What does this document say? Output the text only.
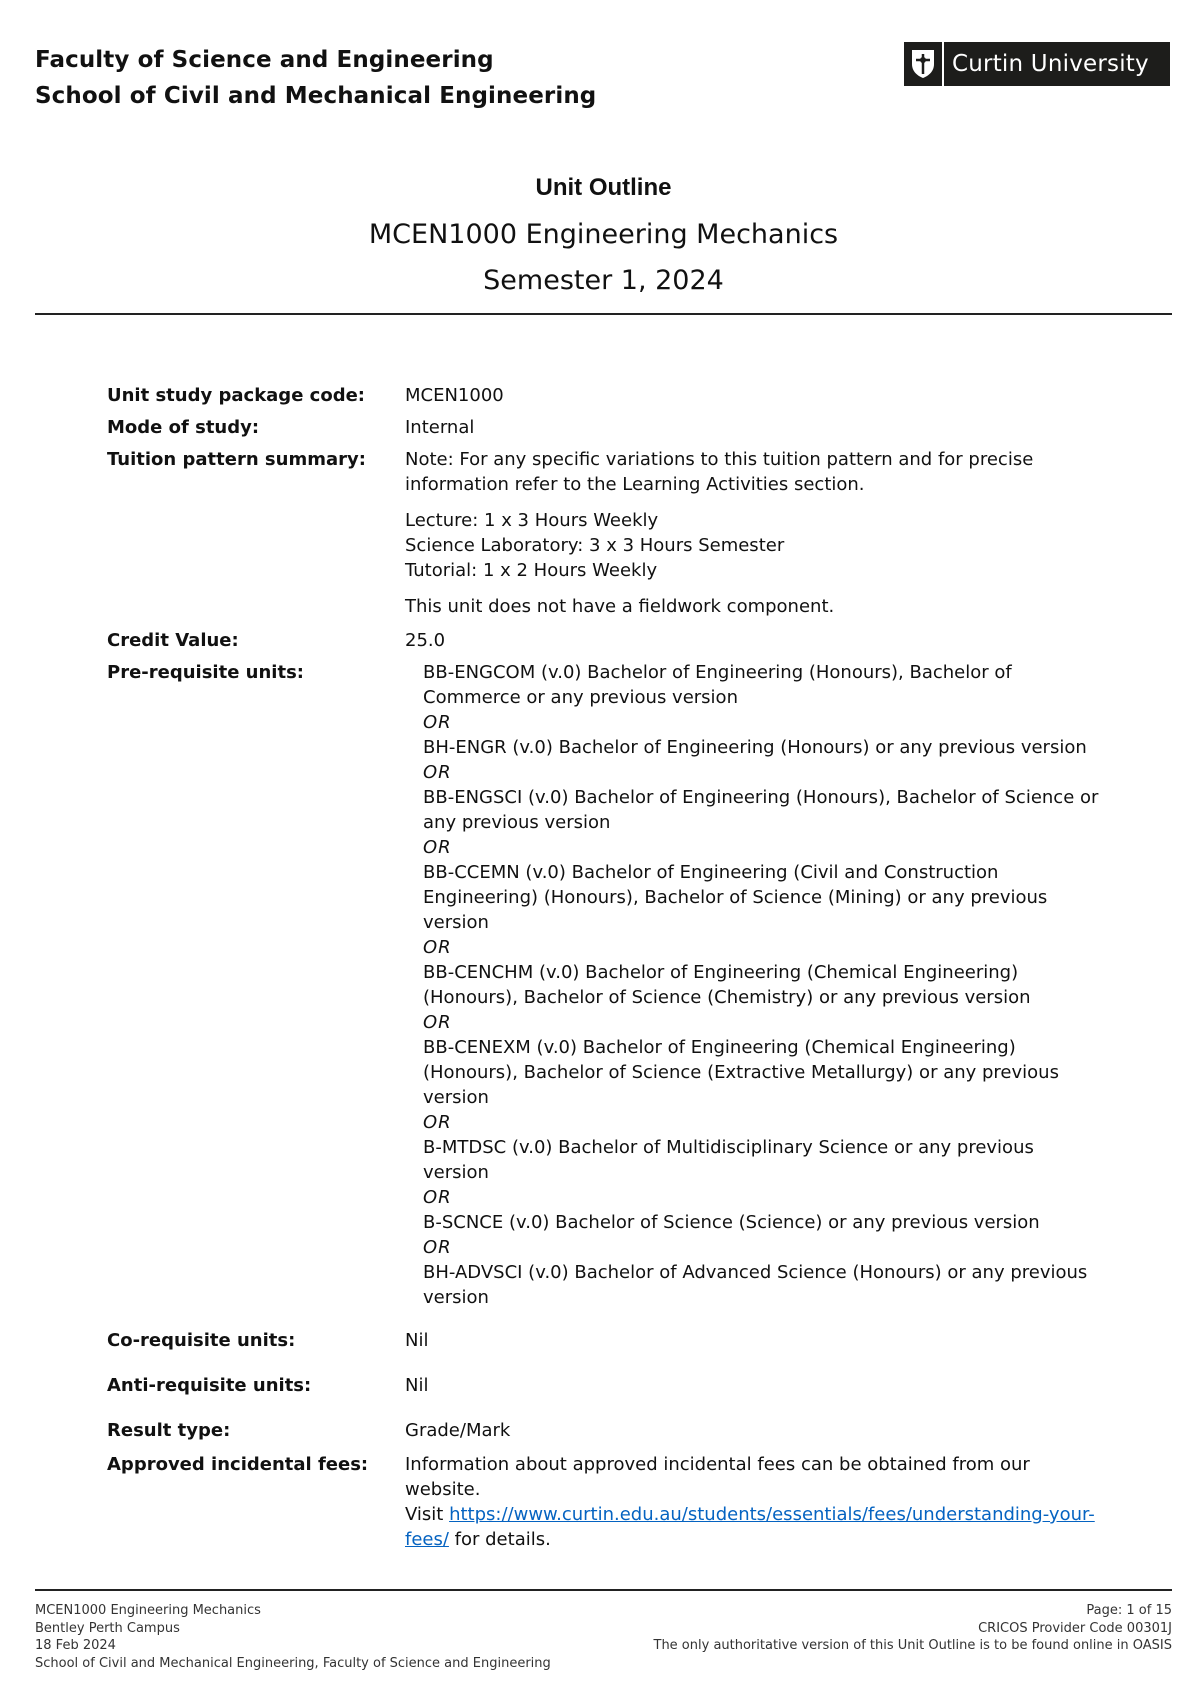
Faculty of Science and Engineering
School of Civil and Mechanical Engineering
Curtin University
Unit Outline
MCEN1000 Engineering Mechanics
Semester 1, 2024
Unit study package code:	MCEN1000
Mode of study:	Internal
Tuition pattern summary:	Note: For any specific variations to this tuition pattern and for precise information refer to the Learning Activities section.

Lecture: 1 x 3 Hours Weekly

Science Laboratory: 3 x 3 Hours Semester

Tutorial: 1 x 2 Hours Weekly

This unit does not have a fieldwork component.

Credit Value:	25.0
Pre-requisite units:	BB-ENGCOM (v.0) Bachelor of Engineering (Honours), Bachelor of Commerce or any previous version

OR

BH-ENGR (v.0) Bachelor of Engineering (Honours) or any previous version

OR

BB-ENGSCI (v.0) Bachelor of Engineering (Honours), Bachelor of Science or any previous version

OR

BB-CCEMN (v.0) Bachelor of Engineering (Civil and Construction Engineering) (Honours), Bachelor of Science (Mining) or any previous version

OR

BB-CENCHM (v.0) Bachelor of Engineering (Chemical Engineering) (Honours), Bachelor of Science (Chemistry) or any previous version

OR

BB-CENEXM (v.0) Bachelor of Engineering (Chemical Engineering) (Honours), Bachelor of Science (Extractive Metallurgy) or any previous version

OR

B-MTDSC (v.0) Bachelor of Multidisciplinary Science or any previous version

OR

B-SCNCE (v.0) Bachelor of Science (Science) or any previous version

OR

BH-ADVSCI (v.0) Bachelor of Advanced Science (Honours) or any previous version

Co-requisite units:	Nil
Anti-requisite units:	Nil
Result type:	Grade/Mark
Approved incidental fees:	Information about approved incidental fees can be obtained from our website.

Visit https://www.curtin.edu.au/students/essentials/fees/understanding-your-fees/ for details.

MCEN1000 Engineering Mechanics
Bentley Perth Campus
18 Feb 2024
School of Civil and Mechanical Engineering, Faculty of Science and Engineering
Page: 1 of 15
CRICOS Provider Code 00301J
The only authoritative version of this Unit Outline is to be found online in OASIS
